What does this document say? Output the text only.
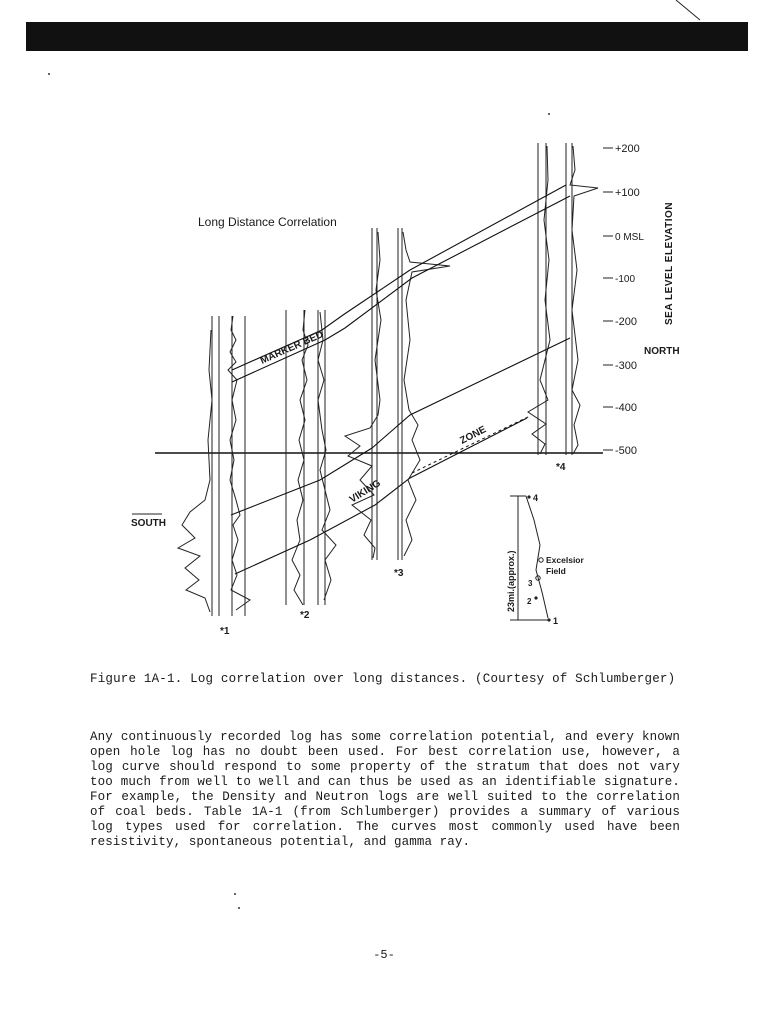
Long Distance Correlation
+200
+100
0 MSL
-100
-200
-300
-400
-500
SEA LEVEL ELEVATION
NORTH
SOUTH
*1
*2
*3
*4
MARKER BED
VIKING
ZONE
23mi.(approx.)
4
3
2
1
Excelsior
Field
Figure 1A-1. Log correlation over long distances. (Courtesy of Schlumberger)

Any continuously recorded log has some correlation potential, and every known open hole log has no doubt been used. For best correlation use, however, a log curve should respond to some property of the stratum that does not vary too much from well to well and can thus be used as an identifiable signature. For example, the Density and Neutron logs are well suited to the correlation of coal beds. Table 1A-1 (from Schlumberger) provides a summary of various log types used for correlation. The curves most commonly used have been resistivity, spontaneous potential, and gamma ray.

-5-
